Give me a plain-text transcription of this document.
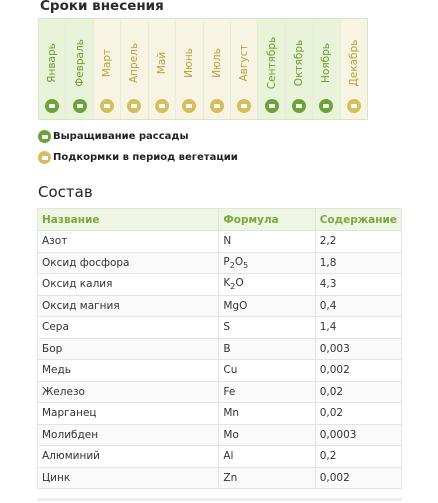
Сроки внесения
Январь Февраль Март Апрель Май Июнь Июль Август Сентябрь Октябрь Ноябрь Декабрь
Выращивание рассады
Подкормки в период вегетации
Состав
Название	Формула	Содержание
Азот	N	2,2
Оксид фосфора	$P_2O_5$	1,8
Оксид калия	$K_2O$	4,3
Оксид магния	MgO	0,4
Сера	S	1,4
Бор	B	0,003
Медь	Cu	0,002
Железо	Fe	0,02
Марганец	Mn	0,02
Молибден	Mo	0,0003
Алюминий	Al	0,2
Цинк	Zn	0,002
